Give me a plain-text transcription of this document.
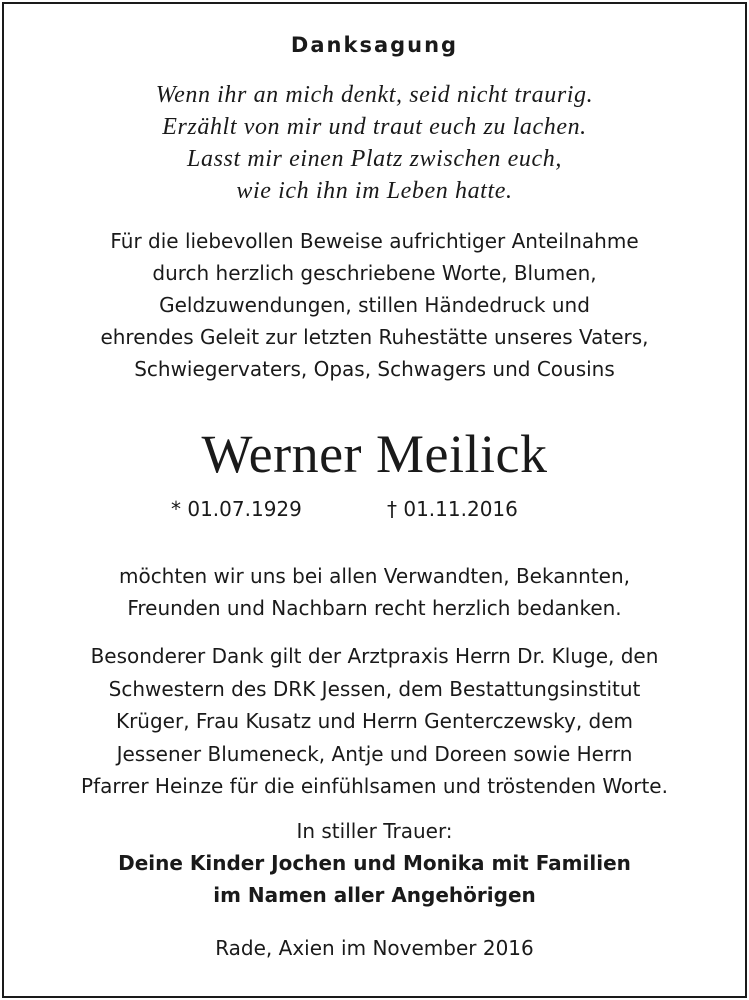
Danksagung
Wenn ihr an mich denkt, seid nicht traurig.
Erzählt von mir und traut euch zu lachen.
Lasst mir einen Platz zwischen euch,
wie ich ihn im Leben hatte.
Für die liebevollen Beweise aufrichtiger Anteilnahme
durch herzlich geschriebene Worte, Blumen,
Geldzuwendungen, stillen Händedruck und
ehrendes Geleit zur letzten Ruhestätte unseres Vaters,
Schwiegervaters, Opas, Schwagers und Cousins
Werner Meilick
* 01.07.1929	† 01.11.2016
möchten wir uns bei allen Verwandten, Bekannten,
Freunden und Nachbarn recht herzlich bedanken.
Besonderer Dank gilt der Arztpraxis Herrn Dr. Kluge, den
Schwestern des DRK Jessen, dem Bestattungsinstitut
Krüger, Frau Kusatz und Herrn Genterczewsky, dem
Jessener Blumeneck, Antje und Doreen sowie Herrn
Pfarrer Heinze für die einfühlsamen und tröstenden Worte.
In stiller Trauer:
Deine Kinder Jochen und Monika mit Familien
im Namen aller Angehörigen
Rade, Axien im November 2016
